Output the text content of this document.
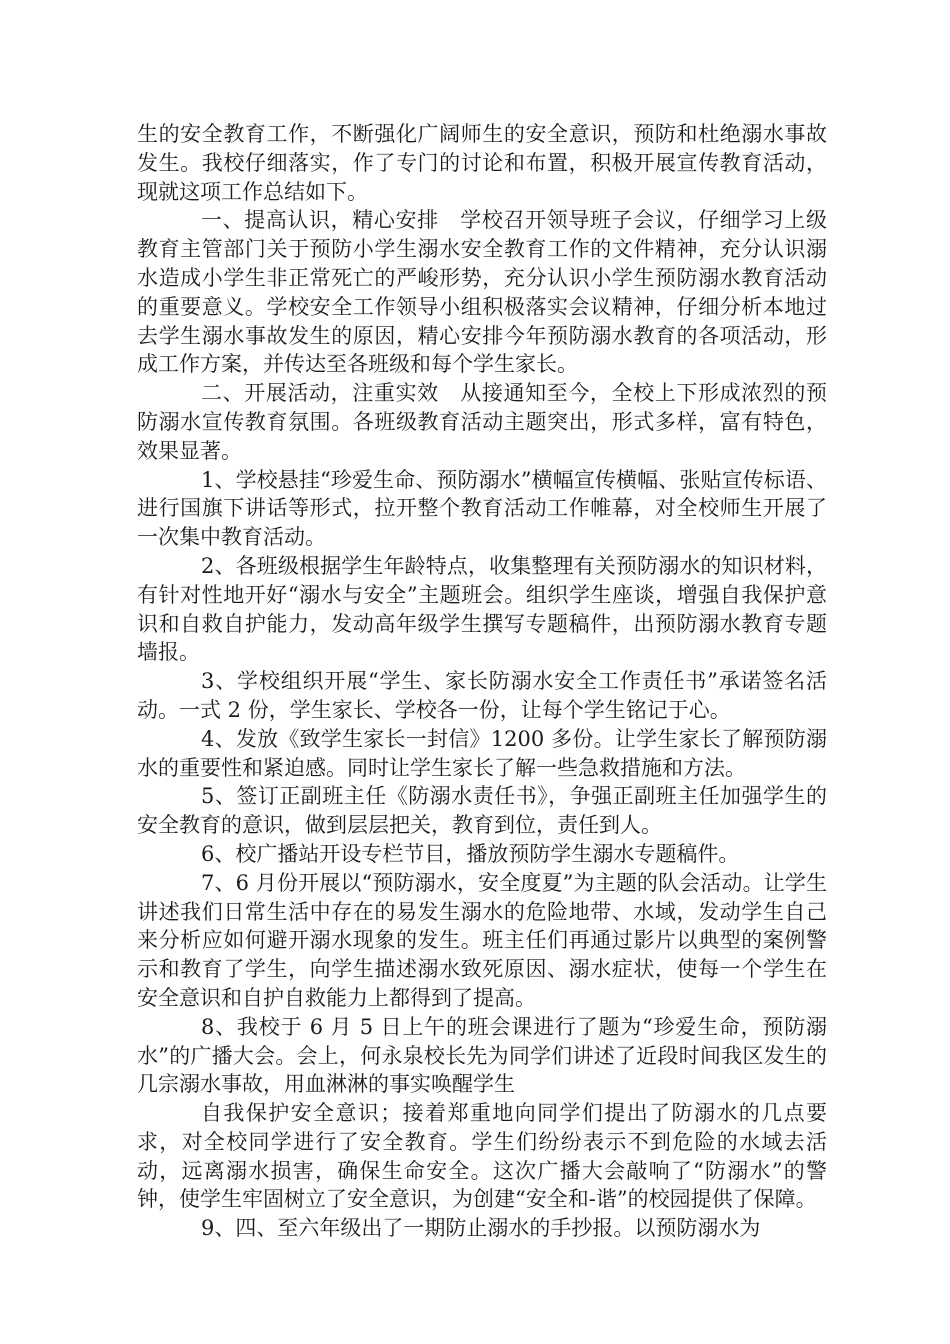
生的安全教育工作，不断强化广阔师生的安全意识，预防和杜绝溺水事故发生。我校仔细落实，作了专门的讨论和布置，积极开展宣传教育活动，现就这项工作总结如下。

一、提高认识，精心安排　学校召开领导班子会议，仔细学习上级教育主管部门关于预防小学生溺水安全教育工作的文件精神，充分认识溺水造成小学生非正常死亡的严峻形势，充分认识小学生预防溺水教育活动的重要意义。学校安全工作领导小组积极落实会议精神，仔细分析本地过去学生溺水事故发生的原因，精心安排今年预防溺水教育的各项活动，形成工作方案，并传达至各班级和每个学生家长。

二、开展活动，注重实效　从接通知至今，全校上下形成浓烈的预防溺水宣传教育氛围。各班级教育活动主题突出，形式多样，富有特色，效果显著。

1、学校悬挂“珍爱生命、预防溺水”横幅宣传横幅、张贴宣传标语、进行国旗下讲话等形式，拉开整个教育活动工作帷幕，对全校师生开展了一次集中教育活动。

2、各班级根据学生年龄特点，收集整理有关预防溺水的知识材料，有针对性地开好“溺水与安全”主题班会。组织学生座谈，增强自我保护意识和自救自护能力，发动高年级学生撰写专题稿件，出预防溺水教育专题墙报。

3、学校组织开展“学生、家长防溺水安全工作责任书”承诺签名活动。一式 2 份，学生家长、学校各一份，让每个学生铭记于心。

4、发放《致学生家长一封信》1200 多份。让学生家长了解预防溺水的重要性和紧迫感。同时让学生家长了解一些急救措施和方法。

5、签订正副班主任《防溺水责任书》，争强正副班主任加强学生的安全教育的意识，做到层层把关，教育到位，责任到人。

6、校广播站开设专栏节目，播放预防学生溺水专题稿件。

7、6 月份开展以“预防溺水，安全度夏”为主题的队会活动。让学生讲述我们日常生活中存在的易发生溺水的危险地带、水域，发动学生自己来分析应如何避开溺水现象的发生。班主任们再通过影片以典型的案例警示和教育了学生，向学生描述溺水致死原因、溺水症状，使每一个学生在安全意识和自护自救能力上都得到了提高。

8、我校于 6 月 5 日上午的班会课进行了题为“珍爱生命，预防溺水”的广播大会。会上，何永泉校长先为同学们讲述了近段时间我区发生的几宗溺水事故，用血淋淋的事实唤醒学生

自我保护安全意识；接着郑重地向同学们提出了防溺水的几点要求，对全校同学进行了安全教育。学生们纷纷表示不到危险的水域去活动，远离溺水损害，确保生命安全。这次广播大会敲响了“防溺水”的警钟，使学生牢固树立了安全意识，为创建“安全和-谐”的校园提供了保障。

9、四、至六年级出了一期防止溺水的手抄报。以预防溺水为
